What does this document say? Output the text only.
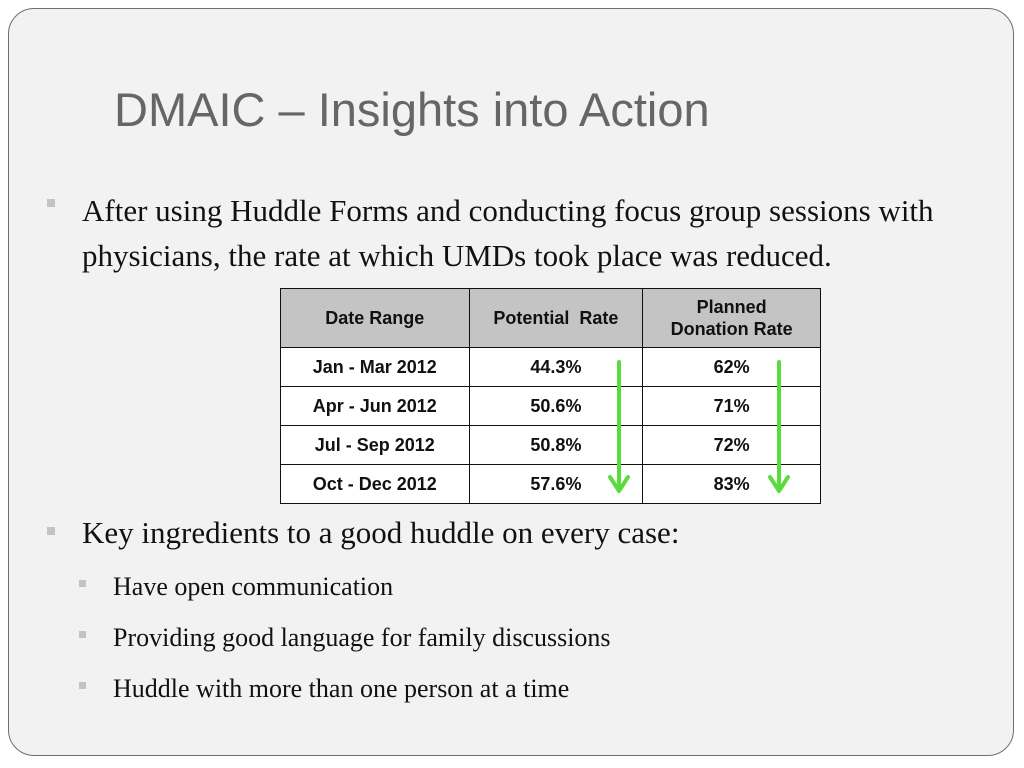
DMAIC – Insights into Action

After using Huddle Forms and conducting focus group sessions with physicians, the rate at which UMDs took place was reduced.

Date Range	Potential  Rate	Planned
Donation Rate
Jan - Mar 2012	44.3%	62%
Apr - Jun 2012	50.6%	71%
Jul - Sep 2012	50.8%	72%
Oct - Dec 2012	57.6%	83%

Key ingredients to a good huddle on every case:

Have open communication

Providing good language for family discussions

Huddle with more than one person at a time
